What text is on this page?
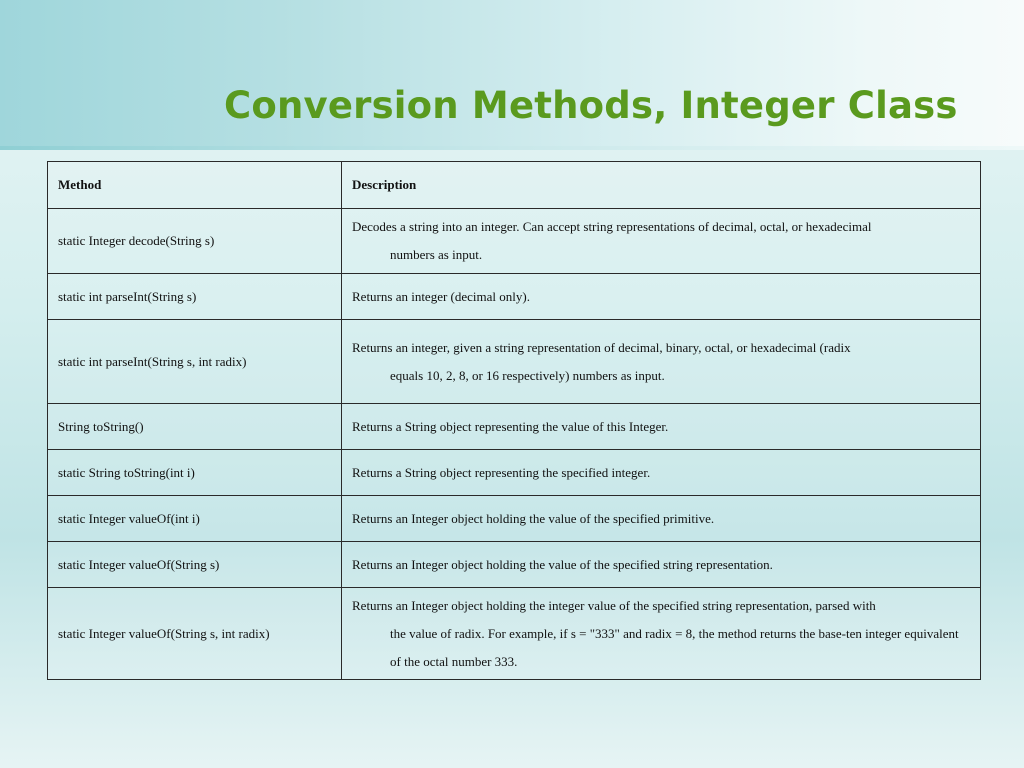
Conversion Methods, Integer Class
Method	Description
static Integer decode(String s)	Decodes a string into an integer. Can accept string representations of decimal, octal, or hexadecimal
numbers as input.

static int parseInt(String s)	Returns an integer (decimal only).

static int parseInt(String s, int radix)	Returns an integer, given a string representation of decimal, binary, octal, or hexadecimal (radix
equals 10, 2, 8, or 16 respectively) numbers as input.

String toString()	Returns a String object representing the value of this Integer.

static String toString(int i)	Returns a String object representing the specified integer.

static Integer valueOf(int i)	Returns an Integer object holding the value of the specified primitive.

static Integer valueOf(String s)	Returns an Integer object holding the value of the specified string representation.

static Integer valueOf(String s, int radix)	Returns an Integer object holding the integer value of the specified string representation, parsed with
the value of radix. For example, if s = "333" and radix = 8, the method returns the base-ten integer equivalent of the octal number 333.
